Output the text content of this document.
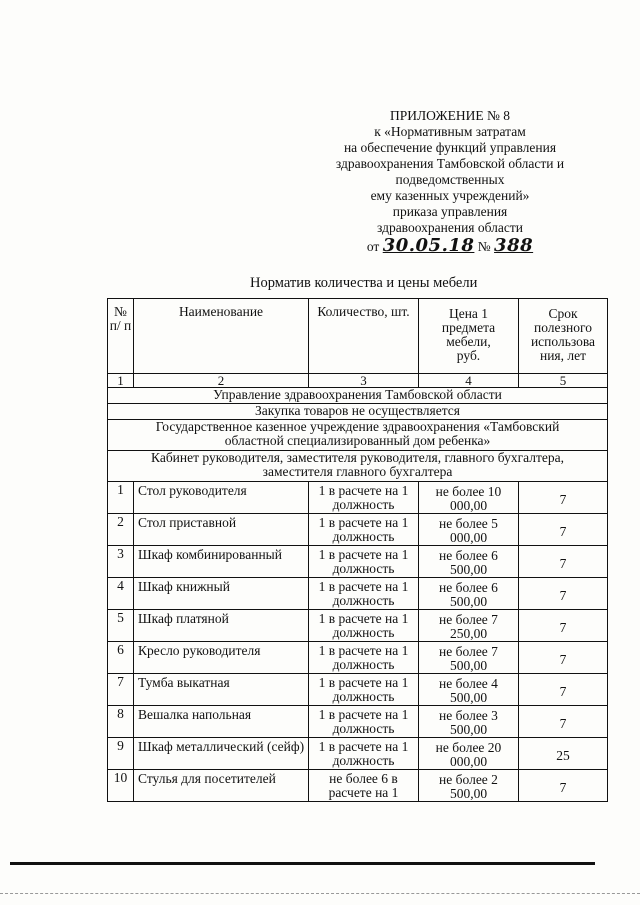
ПРИЛОЖЕНИЕ № 8
к «Нормативным затратам
на обеспечение функций управления
здравоохранения Тамбовской области и
подведомственных
ему казенных учреждений»
приказа управления
здравоохранения области
от 30.05.18 № 388
Норматив количества и цены мебели
№ п/ п	Наименование	Количество, шт.	Цена 1 предмета мебели, руб.	Срок полезного использова ния, лет
1	2	3	4	5
Управление здравоохранения Тамбовской области				
Закупка товаров не осуществляется				
Государственное казенное учреждение здравоохранения «Тамбовский областной специализированный дом ребенка»				
Кабинет руководителя, заместителя руководителя, главного бухгалтера, заместителя главного бухгалтера				
1	Стол руководителя	1 в расчете на 1 должность	не более 10 000,00	7
2	Стол приставной	1 в расчете на 1 должность	не более 5 000,00	7
3	Шкаф комбинированный	1 в расчете на 1 должность	не более 6 500,00	7
4	Шкаф книжный	1 в расчете на 1 должность	не более 6 500,00	7
5	Шкаф платяной	1 в расчете на 1 должность	не более 7 250,00	7
6	Кресло руководителя	1 в расчете на 1 должность	не более 7 500,00	7
7	Тумба выкатная	1 в расчете на 1 должность	не более 4 500,00	7
8	Вешалка напольная	1 в расчете на 1 должность	не более 3 500,00	7
9	Шкаф металлический (сейф)	1 в расчете на 1 должность	не более 20 000,00	25
10	Стулья для посетителей	не более 6 в расчете на 1	не более 2 500,00	7
